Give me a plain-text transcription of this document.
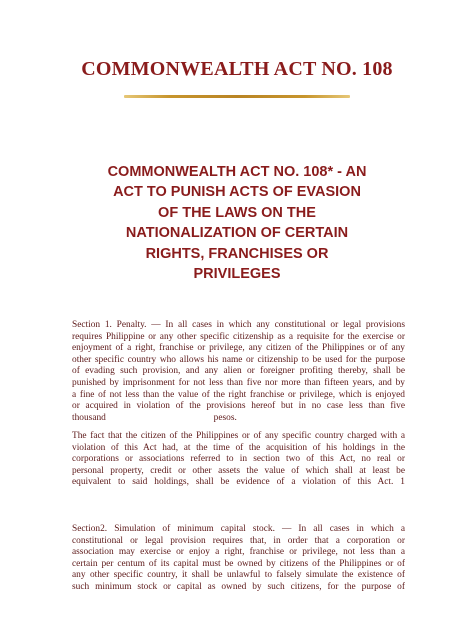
COMMONWEALTH ACT NO. 108
COMMONWEALTH ACT NO. 108* - AN
ACT TO PUNISH ACTS OF EVASION
OF THE LAWS ON THE
NATIONALIZATION OF CERTAIN
RIGHTS, FRANCHISES OR
PRIVILEGES
Section 1. Penalty. — In all cases in which any constitutional or legal provisions
requires Philippine or any other specific citizenship as a requisite for the exercise or
enjoyment of a right, franchise or privilege, any citizen of the Philippines or of any
other specific country who allows his name or citizenship to be used for the purpose
of evading such provision, and any alien or foreigner profiting thereby, shall be
punished by imprisonment for not less than five nor more than fifteen years, and by
a fine of not less than the value of the right franchise or privilege, which is enjoyed
or acquired in violation of the provisions hereof but in no case less than five
thousand                                              pesos.
The fact that the citizen of the Philippines or of any specific country charged with a
violation of this Act had, at the time of the acquisition of his holdings in the
corporations or associations referred to in section two of this Act, no real or
personal property, credit or other assets the value of which shall at least be
equivalent to said holdings, shall be evidence of a violation of this Act. 1
Section2. Simulation of minimum capital stock. — In all cases in which a
constitutional or legal provision requires that, in order that a corporation or
association may exercise or enjoy a right, franchise or privilege, not less than a
certain per centum of its capital must be owned by citizens of the Philippines or of
any other specific country, it shall be unlawful to falsely simulate the existence of
such minimum stock or capital as owned by such citizens, for the purpose of
